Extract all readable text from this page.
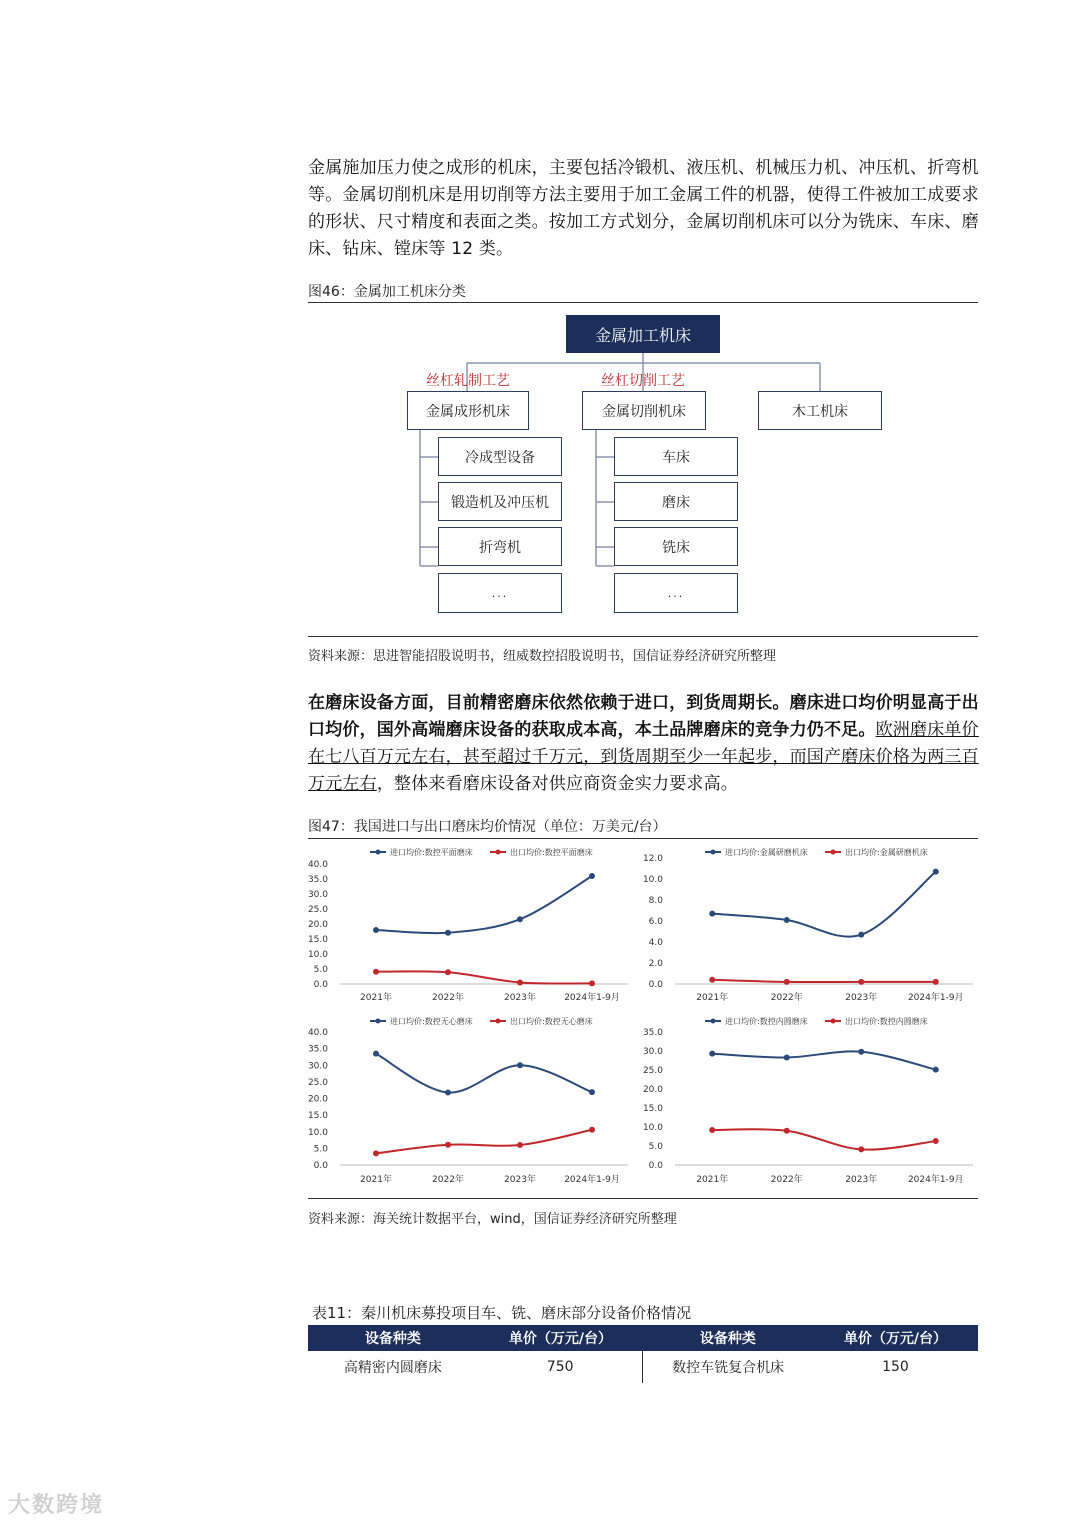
金属施加压力使之成形的机床，主要包括冷锻机、液压机、机械压力机、冲压机、折弯机等。金属切削机床是用切削等方法主要用于加工金属工件的机器，使得工件被加工成要求的形状、尺寸精度和表面之类。按加工方式划分，金属切削机床可以分为铣床、车床、磨床、钻床、镗床等 12 类。

图46：金属加工机床分类
金属加工机床
丝杠轧制工艺	丝杠切削工艺
金属成形机床	金属切削机床	木工机床
冷成型设备
锻造机及冲压机
折弯机
...
车床
磨床
铣床
...
资料来源：思进智能招股说明书，纽威数控招股说明书，国信证券经济研究所整理

在磨床设备方面，目前精密磨床依然依赖于进口，到货周期长。磨床进口均价明显高于出口均价，国外高端磨床设备的获取成本高，本土品牌磨床的竞争力仍不足。欧洲磨床单价在七八百万元左右，甚至超过千万元，到货周期至少一年起步，而国产磨床价格为两三百万元左右，整体来看磨床设备对供应商资金实力要求高。

图47：我国进口与出口磨床均价情况（单位：万美元/台）
0.0
5.0
10.0
15.0
20.0
25.0
30.0
35.0
40.0
2021年	2022年	2023年	2024年1-9月
进口均价:数控平面磨床	出口均价:数控平面磨床
0.0
2.0
4.0
6.0
8.0
10.0
12.0
2021年	2022年	2023年	2024年1-9月
进口均价:金属研磨机床	出口均价:金属研磨机床
0.0
5.0
10.0
15.0
20.0
25.0
30.0
35.0
40.0
2021年	2022年	2023年	2024年1-9月
进口均价:数控无心磨床	出口均价:数控无心磨床
0.0
5.0
10.0
15.0
20.0
25.0
30.0
35.0
2021年	2022年	2023年	2024年1-9月
进口均价:数控内圆磨床	出口均价:数控内圆磨床
资料来源：海关统计数据平台，wind，国信证券经济研究所整理
表11：秦川机床募投项目车、铣、磨床部分设备价格情况
设备种类	单价（万元/台）	设备种类	单价（万元/台）
高精密内圆磨床	750	数控车铣复合机床	150
大数跨境
